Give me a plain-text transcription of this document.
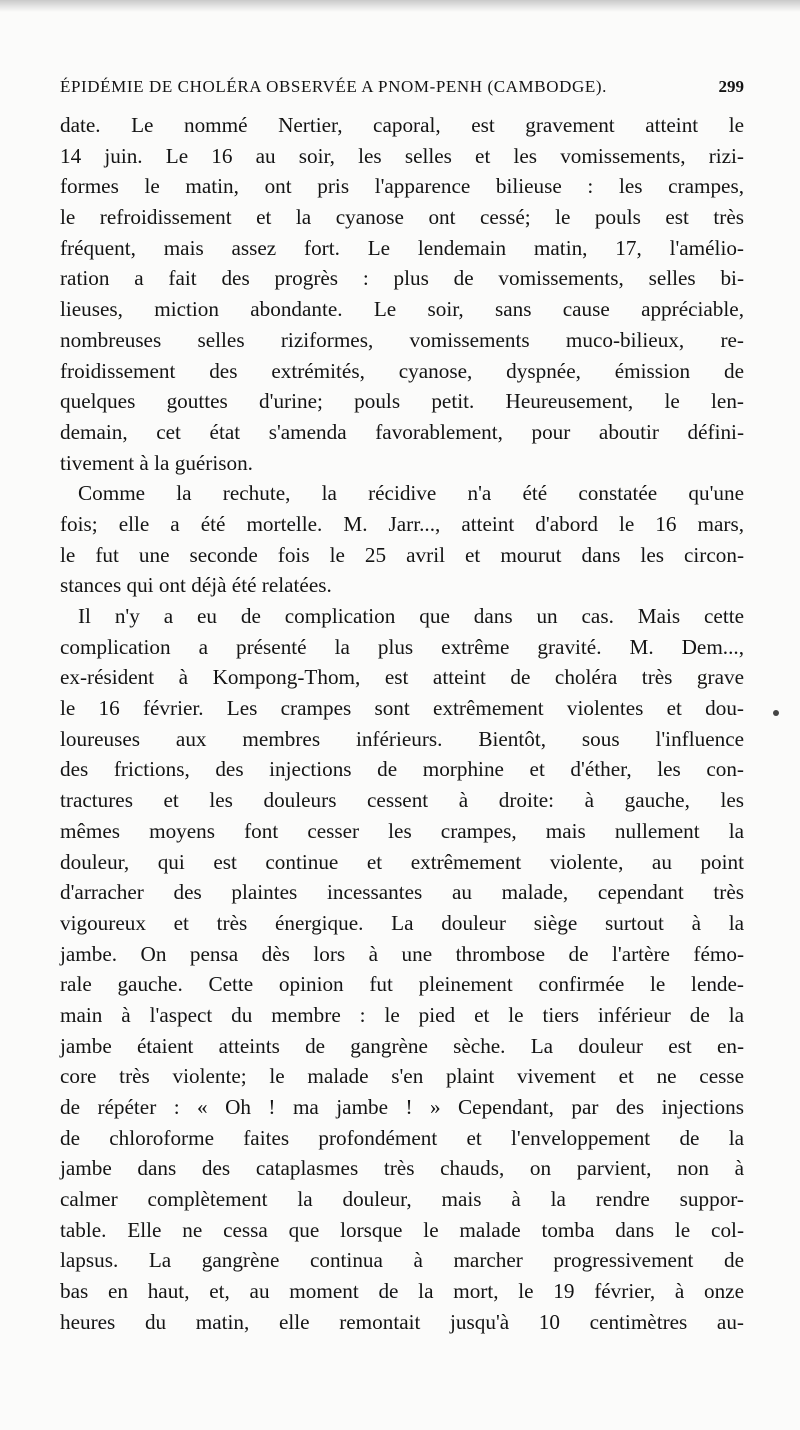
ÉPIDÉMIE DE CHOLÉRA OBSERVÉE A PNOM-PENH (CAMBODGE).	299
date. Le nommé Nertier, caporal, est gravement atteint le
14 juin. Le 16 au soir, les selles et les vomissements, rizi-
formes le matin, ont pris l'apparence bilieuse : les crampes,
le refroidissement et la cyanose ont cessé; le pouls est très
fréquent, mais assez fort. Le lendemain matin, 17, l'amélio-
ration a fait des progrès : plus de vomissements, selles bi-
lieuses, miction abondante. Le soir, sans cause appréciable,
nombreuses selles riziformes, vomissements muco-bilieux, re-
froidissement des extrémités, cyanose, dyspnée, émission de
quelques gouttes d'urine; pouls petit. Heureusement, le len-
demain, cet état s'amenda favorablement, pour aboutir défini-
tivement à la guérison.
Comme la rechute, la récidive n'a été constatée qu'une
fois; elle a été mortelle. M. Jarr..., atteint d'abord le 16 mars,
le fut une seconde fois le 25 avril et mourut dans les circon-
stances qui ont déjà été relatées.
Il n'y a eu de complication que dans un cas. Mais cette
complication a présenté la plus extrême gravité. M. Dem...,
ex-résident à Kompong-Thom, est atteint de choléra très grave
le 16 février. Les crampes sont extrêmement violentes et dou-
loureuses aux membres inférieurs. Bientôt, sous l'influence
des frictions, des injections de morphine et d'éther, les con-
tractures et les douleurs cessent à droite: à gauche, les
mêmes moyens font cesser les crampes, mais nullement la
douleur, qui est continue et extrêmement violente, au point
d'arracher des plaintes incessantes au malade, cependant très
vigoureux et très énergique. La douleur siège surtout à la
jambe. On pensa dès lors à une thrombose de l'artère fémo-
rale gauche. Cette opinion fut pleinement confirmée le lende-
main à l'aspect du membre : le pied et le tiers inférieur de la
jambe étaient atteints de gangrène sèche. La douleur est en-
core très violente; le malade s'en plaint vivement et ne cesse
de répéter : « Oh ! ma jambe ! » Cependant, par des injections
de chloroforme faites profondément et l'enveloppement de la
jambe dans des cataplasmes très chauds, on parvient, non à
calmer complètement la douleur, mais à la rendre suppor-
table. Elle ne cessa que lorsque le malade tomba dans le col-
lapsus. La gangrène continua à marcher progressivement de
bas en haut, et, au moment de la mort, le 19 février, à onze
heures du matin, elle remontait jusqu'à 10 centimètres au-
